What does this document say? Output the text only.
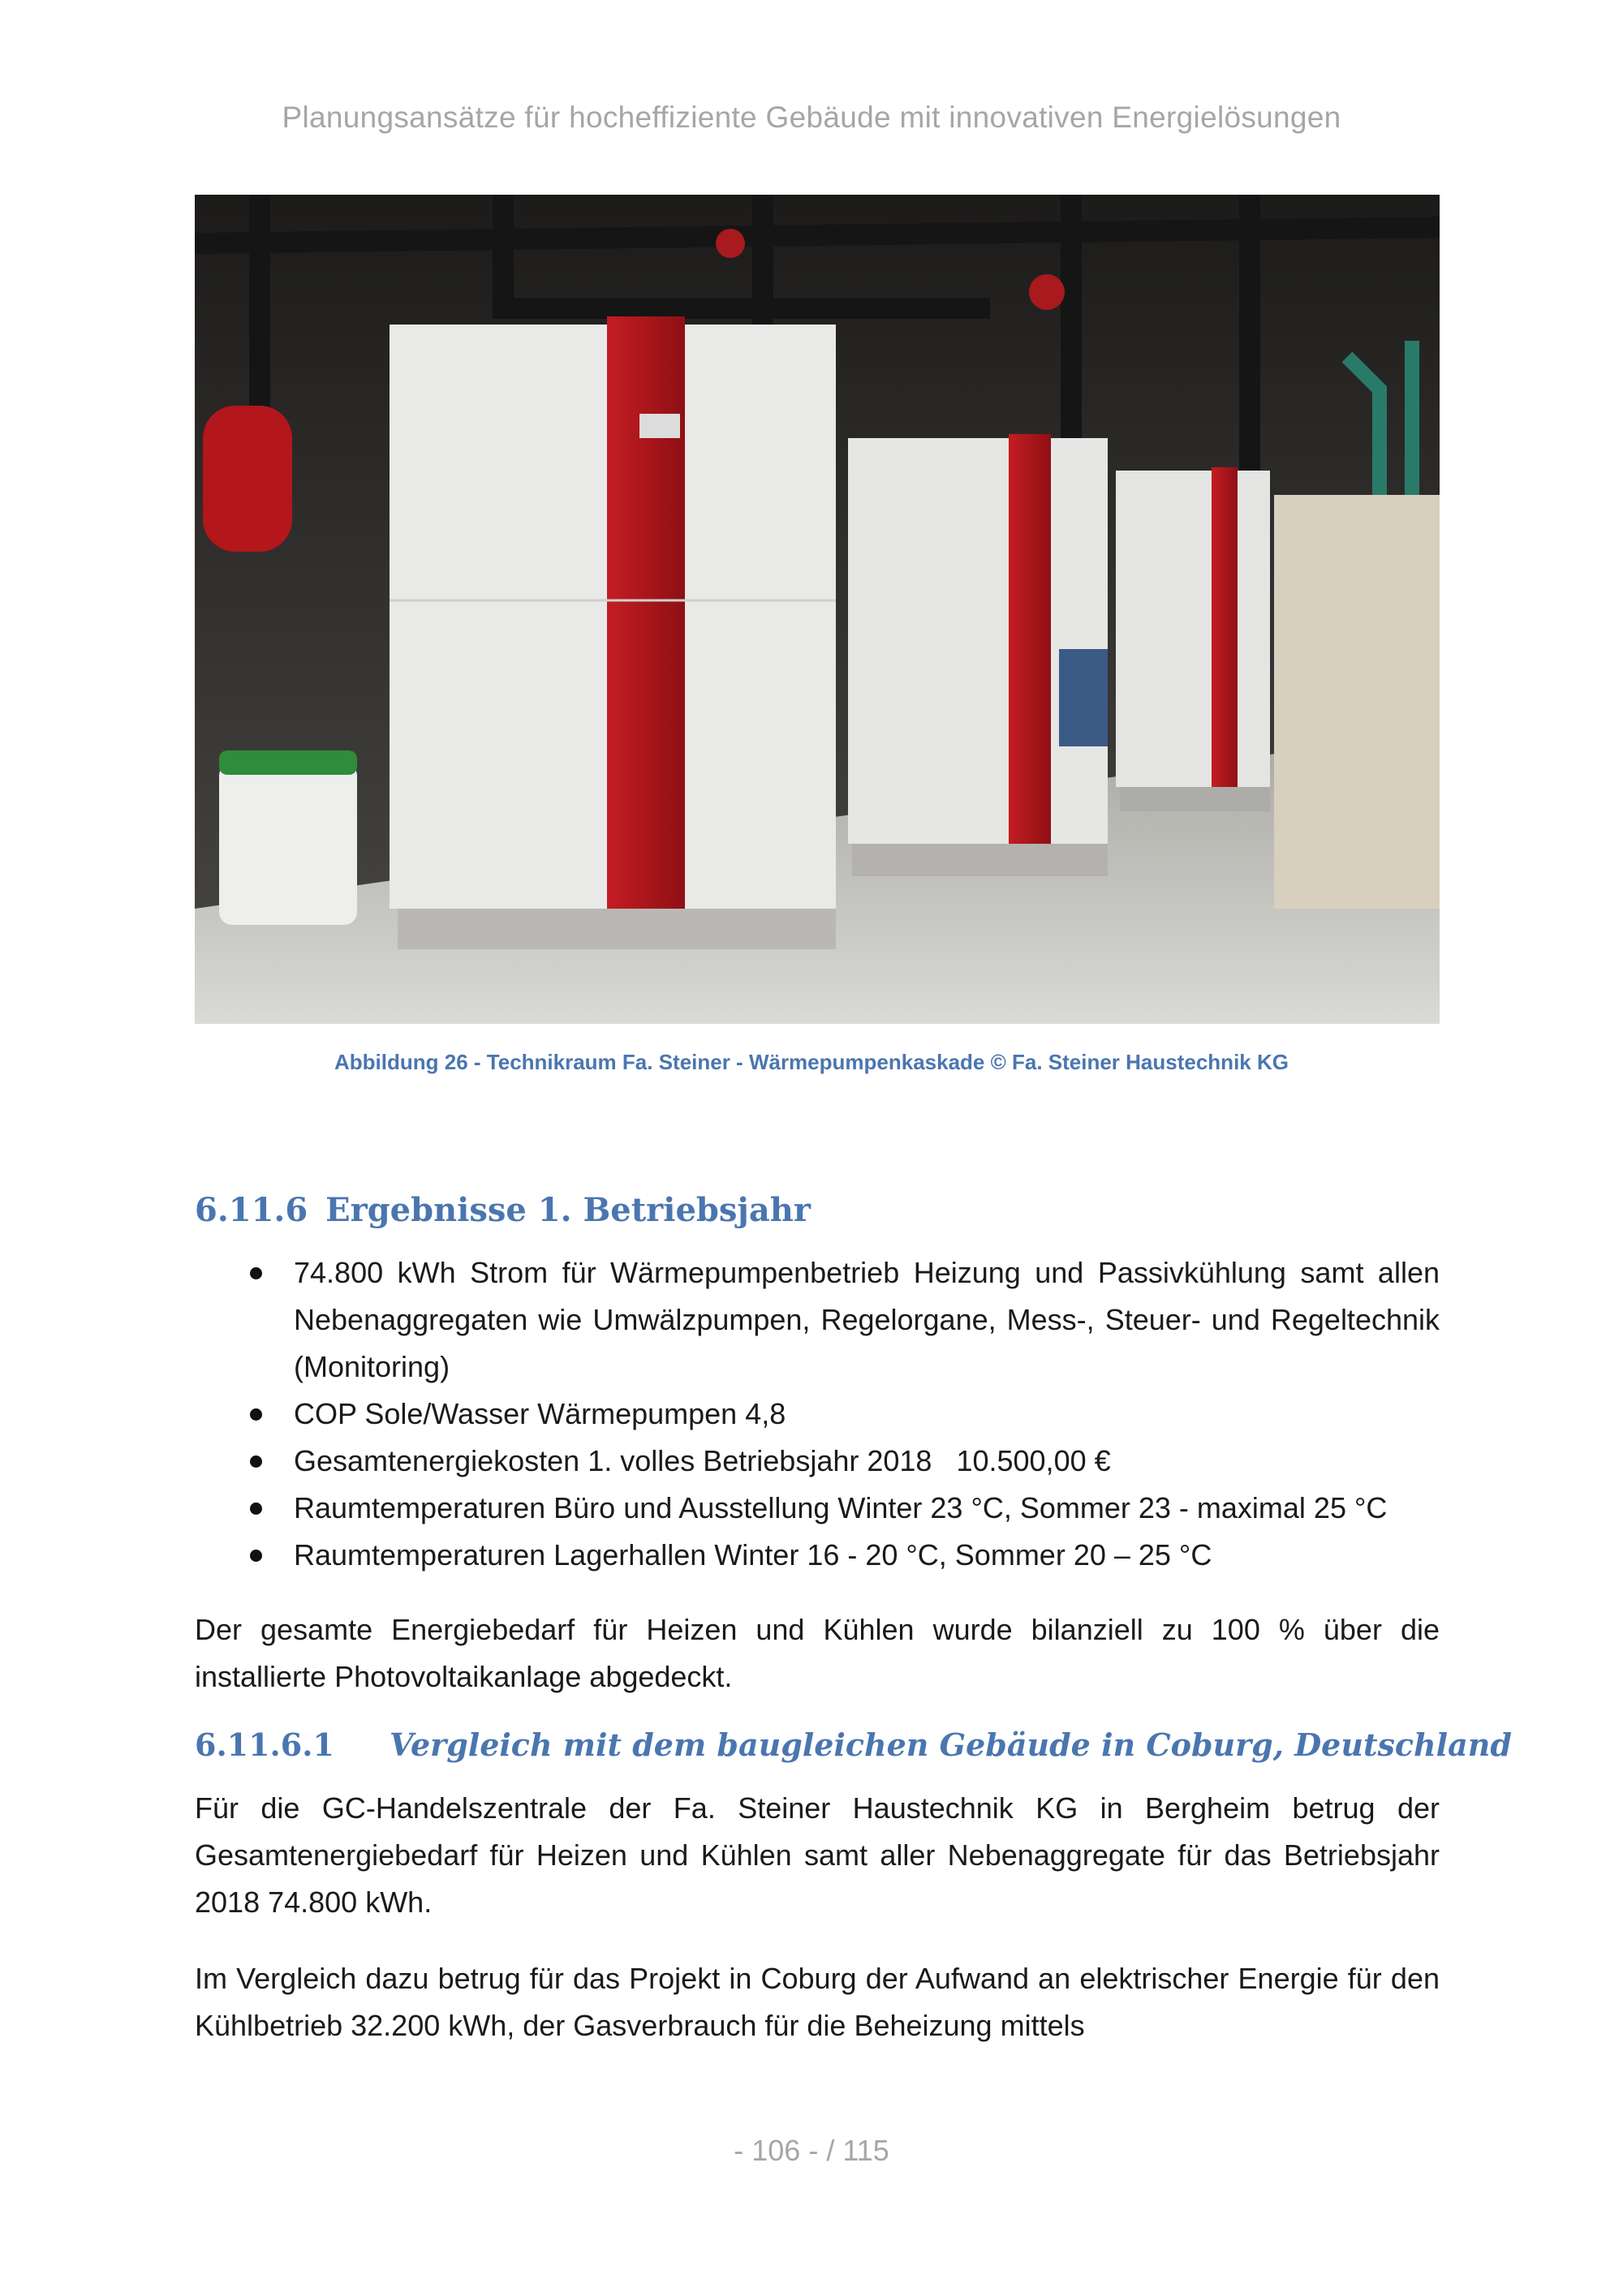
Planungsansätze für hocheffiziente Gebäude mit innovativen Energielösungen
Abbildung 26 - Technikraum Fa. Steiner - Wärmepumpenkaskade © Fa. Steiner Haustechnik KG
6.11.6 Ergebnisse 1. Betriebsjahr
74.800 kWh Strom für Wärmepumpenbetrieb Heizung und Passivkühlung samt allen Nebenaggregaten wie Umwälzpumpen, Regelorgane, Mess-, Steuer- und Regeltechnik (Monitoring)
COP Sole/Wasser Wärmepumpen 4,8
Gesamtenergiekosten 1. volles Betriebsjahr 2018   10.500,00 €
Raumtemperaturen Büro und Ausstellung Winter 23 °C, Sommer 23 - maximal 25 °C
Raumtemperaturen Lagerhallen Winter 16 - 20 °C, Sommer 20 – 25 °C

Der gesamte Energiebedarf für Heizen und Kühlen wurde bilanziell zu 100 % über die installierte Photovoltaikanlage abgedeckt.

6.11.6.1 Vergleich mit dem baugleichen Gebäude in Coburg, Deutschland

Für die GC-Handelszentrale der Fa. Steiner Haustechnik KG in Bergheim betrug der Gesamtenergiebedarf für Heizen und Kühlen samt aller Nebenaggregate für das Betriebsjahr 2018 74.800 kWh.

Im Vergleich dazu betrug für das Projekt in Coburg der Aufwand an elektrischer Energie für den Kühlbetrieb 32.200 kWh, der Gasverbrauch für die Beheizung mittels

- 106 - / 115
